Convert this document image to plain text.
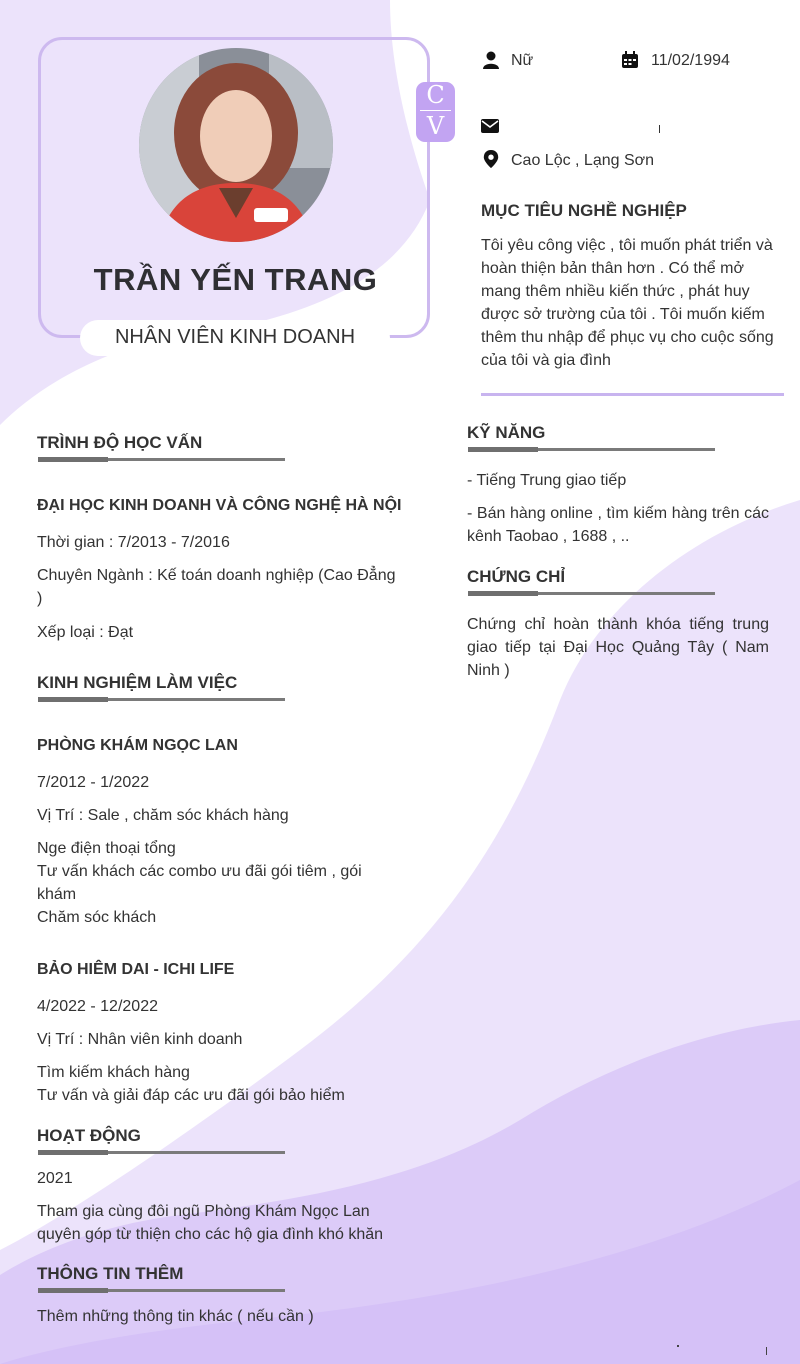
TRẦN YẾN TRANG
NHÂN VIÊN KINH DOANH
C
V
Nữ	11/02/1994
Cao Lộc , Lạng Sơn
MỤC TIÊU NGHỀ NGHIỆP
Tôi yêu công việc , tôi muốn phát triển và
hoàn thiện bản thân hơn . Có thể mở
mang thêm nhiều kiến thức , phát huy
được sở trường của tôi . Tôi muốn kiếm
thêm thu nhập để phục vụ cho cuộc sống
của tôi và gia đình
TRÌNH ĐỘ HỌC VẤN
ĐẠI HỌC KINH DOANH VÀ CÔNG NGHỆ HÀ NỘI
Thời gian : 7/2013 - 7/2016
Chuyên Ngành : Kế toán doanh nghiệp (Cao Đẳng
)
Xếp loại : Đạt
KINH NGHIỆM LÀM VIỆC
PHÒNG KHÁM NGỌC LAN
7/2012 - 1/2022
Vị Trí : Sale , chăm sóc khách hàng
Nge điện thoại tổng
Tư vấn khách các combo ưu đãi gói tiêm , gói
khám
Chăm sóc khách
BẢO HIÊM DAI - ICHI LIFE
4/2022 - 12/2022
Vị Trí : Nhân viên kinh doanh
Tìm kiếm khách hàng
Tư vấn và giải đáp các ưu đãi gói bảo hiểm
HOẠT ĐỘNG
2021
Tham gia cùng đôi ngũ Phòng Khám Ngọc Lan
quyên góp từ thiện cho các hộ gia đình khó khăn
THÔNG TIN THÊM
Thêm những thông tin khác ( nếu cần )
KỸ NĂNG
- Tiếng Trung giao tiếp
- Bán hàng online , tìm kiếm hàng trên các kênh Taobao , 1688 , ..
CHỨNG CHỈ
Chứng chỉ hoàn thành khóa tiếng trung giao tiếp tại Đại Học Quảng Tây ( Nam Ninh )
